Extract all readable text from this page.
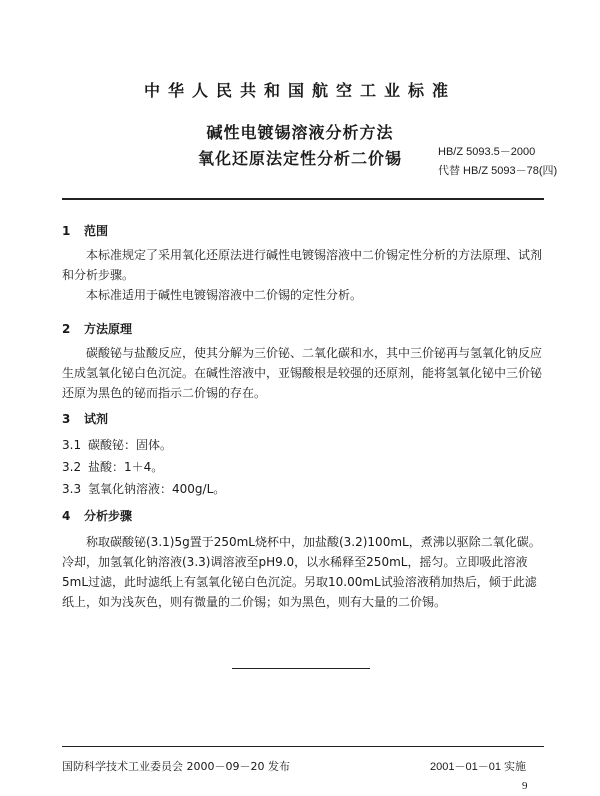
中华人民共和国航空工业标准
碱性电镀锡溶液分析方法
氧化还原法定性分析二价锡	HB/Z 5093.5－2000
代替 HB/Z 5093－78(四)
1 范围

本标准规定了采用氧化还原法进行碱性电镀锡溶液中二价锡定性分析的方法原理、试剂和分析步骤。

本标准适用于碱性电镀锡溶液中二价锡的定性分析。

2 方法原理

碳酸铋与盐酸反应，使其分解为三价铋、二氧化碳和水，其中三价铋再与氢氧化钠反应生成氢氧化铋白色沉淀。在碱性溶液中，亚锡酸根是较强的还原剂，能将氢氧化铋中三价铋还原为黑色的铋而指示二价锡的存在。

3 试剂
3.1 碳酸铋：固体。
3.2 盐酸：1＋4。
3.3 氢氧化钠溶液：400g/L。
4 分析步骤

称取碳酸铋(3.1)5g置于250mL烧杯中，加盐酸(3.2)100mL，煮沸以驱除二氧化碳。冷却，加氢氧化钠溶液(3.3)调溶液至pH9.0，以水稀释至250mL，摇匀。立即吸此溶液5mL过滤，此时滤纸上有氢氧化铋白色沉淀。另取10.00mL试验溶液稍加热后，倾于此滤纸上，如为浅灰色，则有微量的二价锡；如为黑色，则有大量的二价锡。

国防科学技术工业委员会 2000－09－20 发布	2001－01－01 实施
9
